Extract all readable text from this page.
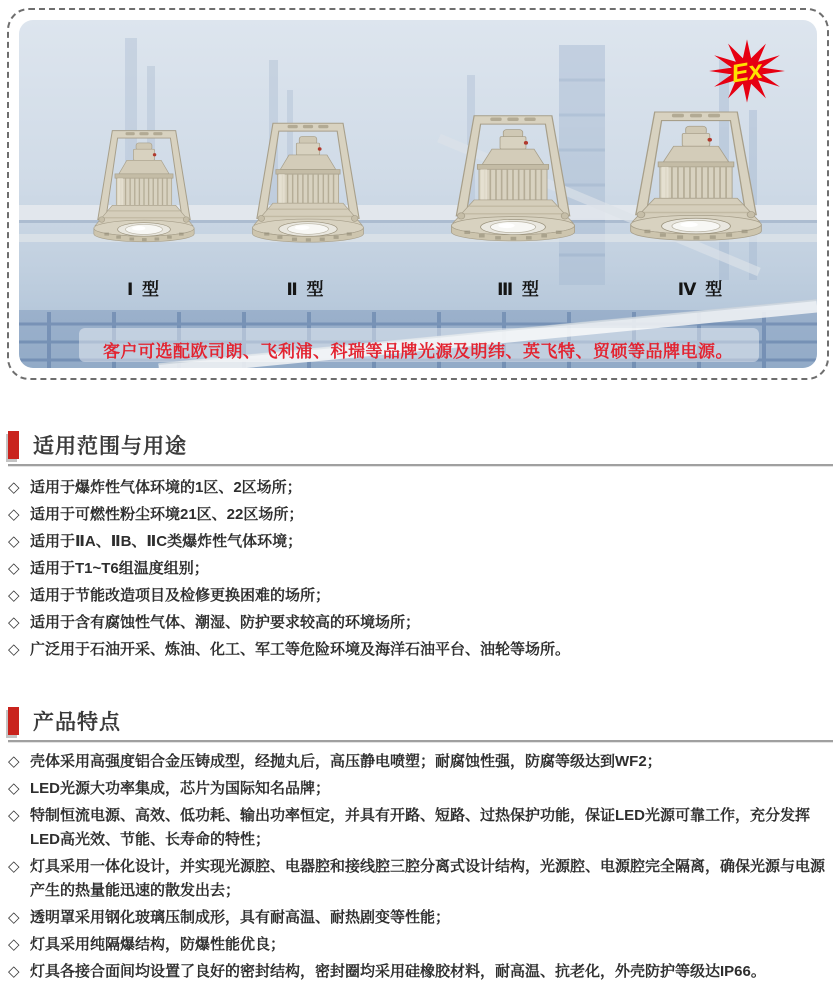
Ex
Ⅰ 型	Ⅱ 型	Ⅲ 型	Ⅳ 型
客户可选配欧司朗、飞利浦、科瑞等品牌光源及明纬、英飞特、贸硕等品牌电源。
适用范围与用途
◇ 适用于爆炸性气体环境的1区、2区场所；
◇ 适用于可燃性粉尘环境21区、22区场所；
◇ 适用于ⅡA、ⅡB、ⅡC类爆炸性气体环境；
◇ 适用于T1~T6组温度组别；
◇ 适用于节能改造项目及检修更换困难的场所；
◇ 适用于含有腐蚀性气体、潮湿、防护要求较高的环境场所；
◇ 广泛用于石油开采、炼油、化工、军工等危险环境及海洋石油平台、油轮等场所。
产品特点
◇ 壳体采用高强度铝合金压铸成型，经抛丸后，高压静电喷塑；耐腐蚀性强，防腐等级达到WF2；
◇ LED光源大功率集成，芯片为国际知名品牌；
◇ 特制恒流电源、高效、低功耗、输出功率恒定，并具有开路、短路、过热保护功能，保证LED光源可靠工作，充分发挥LED高光效、节能、长寿命的特性；
◇ 灯具采用一体化设计，并实现光源腔、电器腔和接线腔三腔分离式设计结构，光源腔、电源腔完全隔离，确保光源与电源产生的热量能迅速的散发出去；
◇ 透明罩采用钢化玻璃压制成形，具有耐高温、耐热剧变等性能；
◇ 灯具采用纯隔爆结构，防爆性能优良；
◇ 灯具各接合面间均设置了良好的密封结构，密封圈均采用硅橡胶材料，耐高温、抗老化，外壳防护等级达IP66。
